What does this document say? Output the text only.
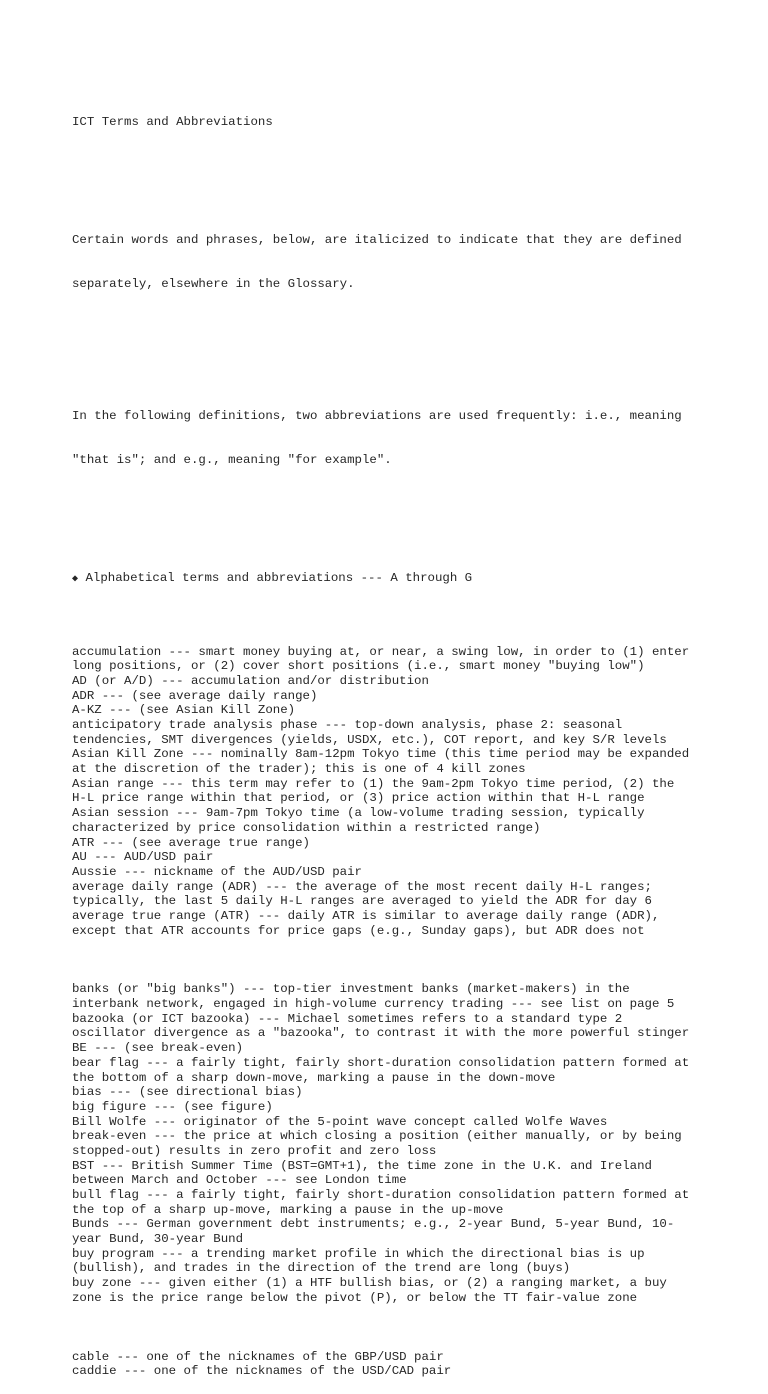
ICT Terms and Abbreviations

Certain words and phrases, below, are italicized to indicate that they are defined

separately, elsewhere in the Glossary.

In the following definitions, two abbreviations are used frequently: i.e., meaning

"that is"; and e.g., meaning "for example".

◆ Alphabetical terms and abbreviations --- A through G

accumulation --- smart money buying at, or near, a swing low, in order to (1) enter
long positions, or (2) cover short positions (i.e., smart money "buying low")
AD (or A/D) --- accumulation and/or distribution
ADR --- (see average daily range)
A-KZ --- (see Asian Kill Zone)
anticipatory trade analysis phase --- top-down analysis, phase 2: seasonal
tendencies, SMT divergences (yields, USDX, etc.), COT report, and key S/R levels
Asian Kill Zone --- nominally 8am-12pm Tokyo time (this time period may be expanded
at the discretion of the trader); this is one of 4 kill zones
Asian range --- this term may refer to (1) the 9am-2pm Tokyo time period, (2) the
H-L price range within that period, or (3) price action within that H-L range
Asian session --- 9am-7pm Tokyo time (a low-volume trading session, typically
characterized by price consolidation within a restricted range)
ATR --- (see average true range)
AU --- AUD/USD pair
Aussie --- nickname of the AUD/USD pair
average daily range (ADR) --- the average of the most recent daily H-L ranges;
typically, the last 5 daily H-L ranges are averaged to yield the ADR for day 6
average true range (ATR) --- daily ATR is similar to average daily range (ADR),
except that ATR accounts for price gaps (e.g., Sunday gaps), but ADR does not

banks (or "big banks") --- top-tier investment banks (market-makers) in the
interbank network, engaged in high-volume currency trading --- see list on page 5
bazooka (or ICT bazooka) --- Michael sometimes refers to a standard type 2
oscillator divergence as a "bazooka", to contrast it with the more powerful stinger
BE --- (see break-even)
bear flag --- a fairly tight, fairly short-duration consolidation pattern formed at
the bottom of a sharp down-move, marking a pause in the down-move
bias --- (see directional bias)
big figure --- (see figure)
Bill Wolfe --- originator of the 5-point wave concept called Wolfe Waves
break-even --- the price at which closing a position (either manually, or by being
stopped-out) results in zero profit and zero loss
BST --- British Summer Time (BST=GMT+1), the time zone in the U.K. and Ireland
between March and October --- see London time
bull flag --- a fairly tight, fairly short-duration consolidation pattern formed at
the top of a sharp up-move, marking a pause in the up-move
Bunds --- German government debt instruments; e.g., 2-year Bund, 5-year Bund, 10-
year Bund, 30-year Bund
buy program --- a trending market profile in which the directional bias is up
(bullish), and trades in the direction of the trend are long (buys)
buy zone --- given either (1) a HTF bullish bias, or (2) a ranging market, a buy
zone is the price range below the pivot (P), or below the TT fair-value zone

cable --- one of the nicknames of the GBP/USD pair
caddie --- one of the nicknames of the USD/CAD pair
